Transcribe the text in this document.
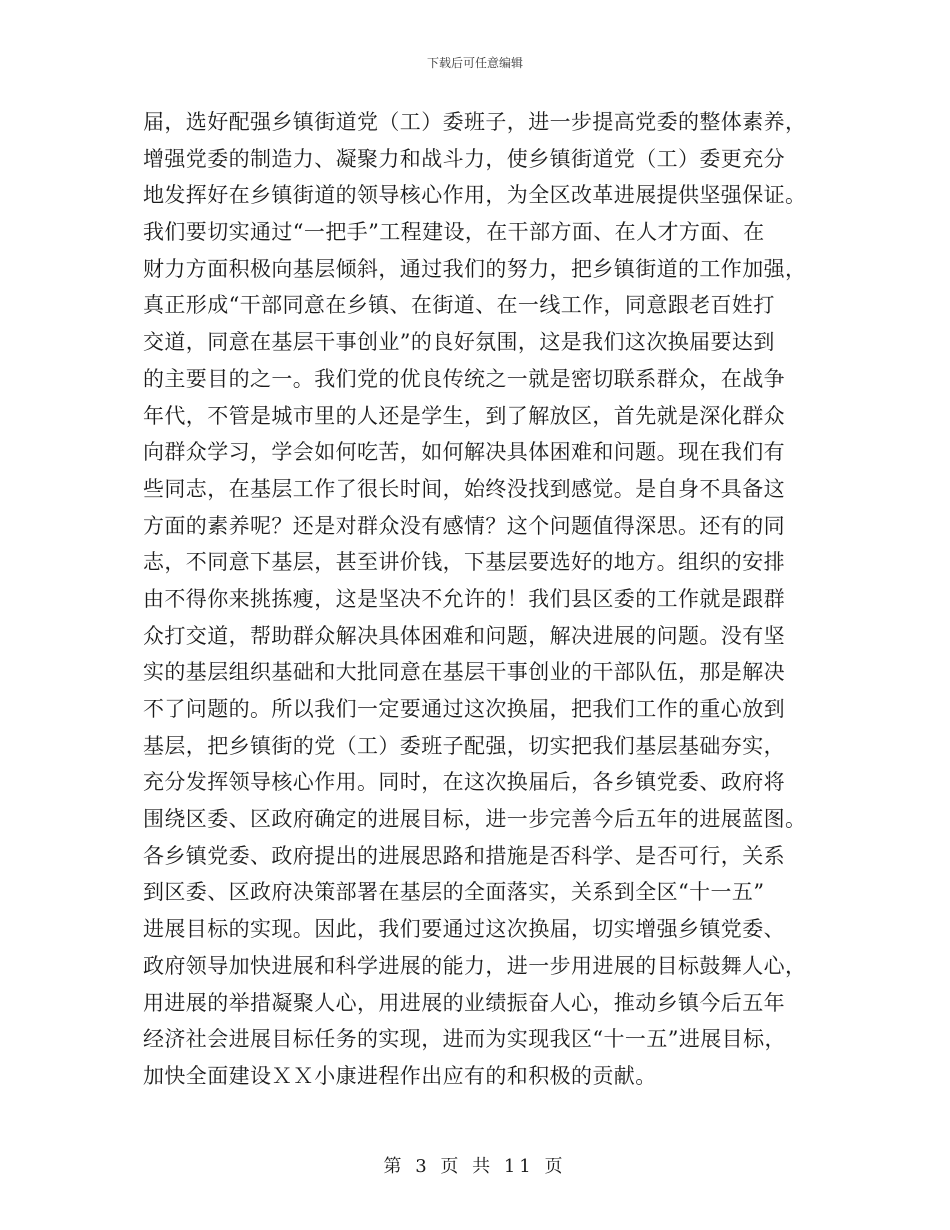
下载后可任意编辑
届，选好配强乡镇街道党（工）委班子，进一步提高党委的整体素养，
增强党委的制造力、凝聚力和战斗力，使乡镇街道党（工）委更充分
地发挥好在乡镇街道的领导核心作用，为全区改革进展提供坚强保证。
我们要切实通过“一把手”工程建设，在干部方面、在人才方面、在
财力方面积极向基层倾斜，通过我们的努力，把乡镇街道的工作加强，
真正形成“干部同意在乡镇、在街道、在一线工作，同意跟老百姓打
交道，同意在基层干事创业”的良好氛围，这是我们这次换届要达到
的主要目的之一。我们党的优良传统之一就是密切联系群众，在战争
年代，不管是城市里的人还是学生，到了解放区，首先就是深化群众
向群众学习，学会如何吃苦，如何解决具体困难和问题。现在我们有
些同志，在基层工作了很长时间，始终没找到感觉。是自身不具备这
方面的素养呢？还是对群众没有感情？这个问题值得深思。还有的同
志，不同意下基层，甚至讲价钱，下基层要选好的地方。组织的安排
由不得你来挑拣瘦，这是坚决不允许的！我们县区委的工作就是跟群
众打交道，帮助群众解决具体困难和问题，解决进展的问题。没有坚
实的基层组织基础和大批同意在基层干事创业的干部队伍，那是解决
不了问题的。所以我们一定要通过这次换届，把我们工作的重心放到
基层，把乡镇街的党（工）委班子配强，切实把我们基层基础夯实，
充分发挥领导核心作用。同时，在这次换届后，各乡镇党委、政府将
围绕区委、区政府确定的进展目标，进一步完善今后五年的进展蓝图。
各乡镇党委、政府提出的进展思路和措施是否科学、是否可行，关系
到区委、区政府决策部署在基层的全面落实，关系到全区“十一五”
进展目标的实现。因此，我们要通过这次换届，切实增强乡镇党委、
政府领导加快进展和科学进展的能力，进一步用进展的目标鼓舞人心，
用进展的举措凝聚人心，用进展的业绩振奋人心，推动乡镇今后五年
经济社会进展目标任务的实现，进而为实现我区“十一五”进展目标，
加快全面建设ＸＸ小康进程作出应有的和积极的贡献。
第 3 页 共 11 页
